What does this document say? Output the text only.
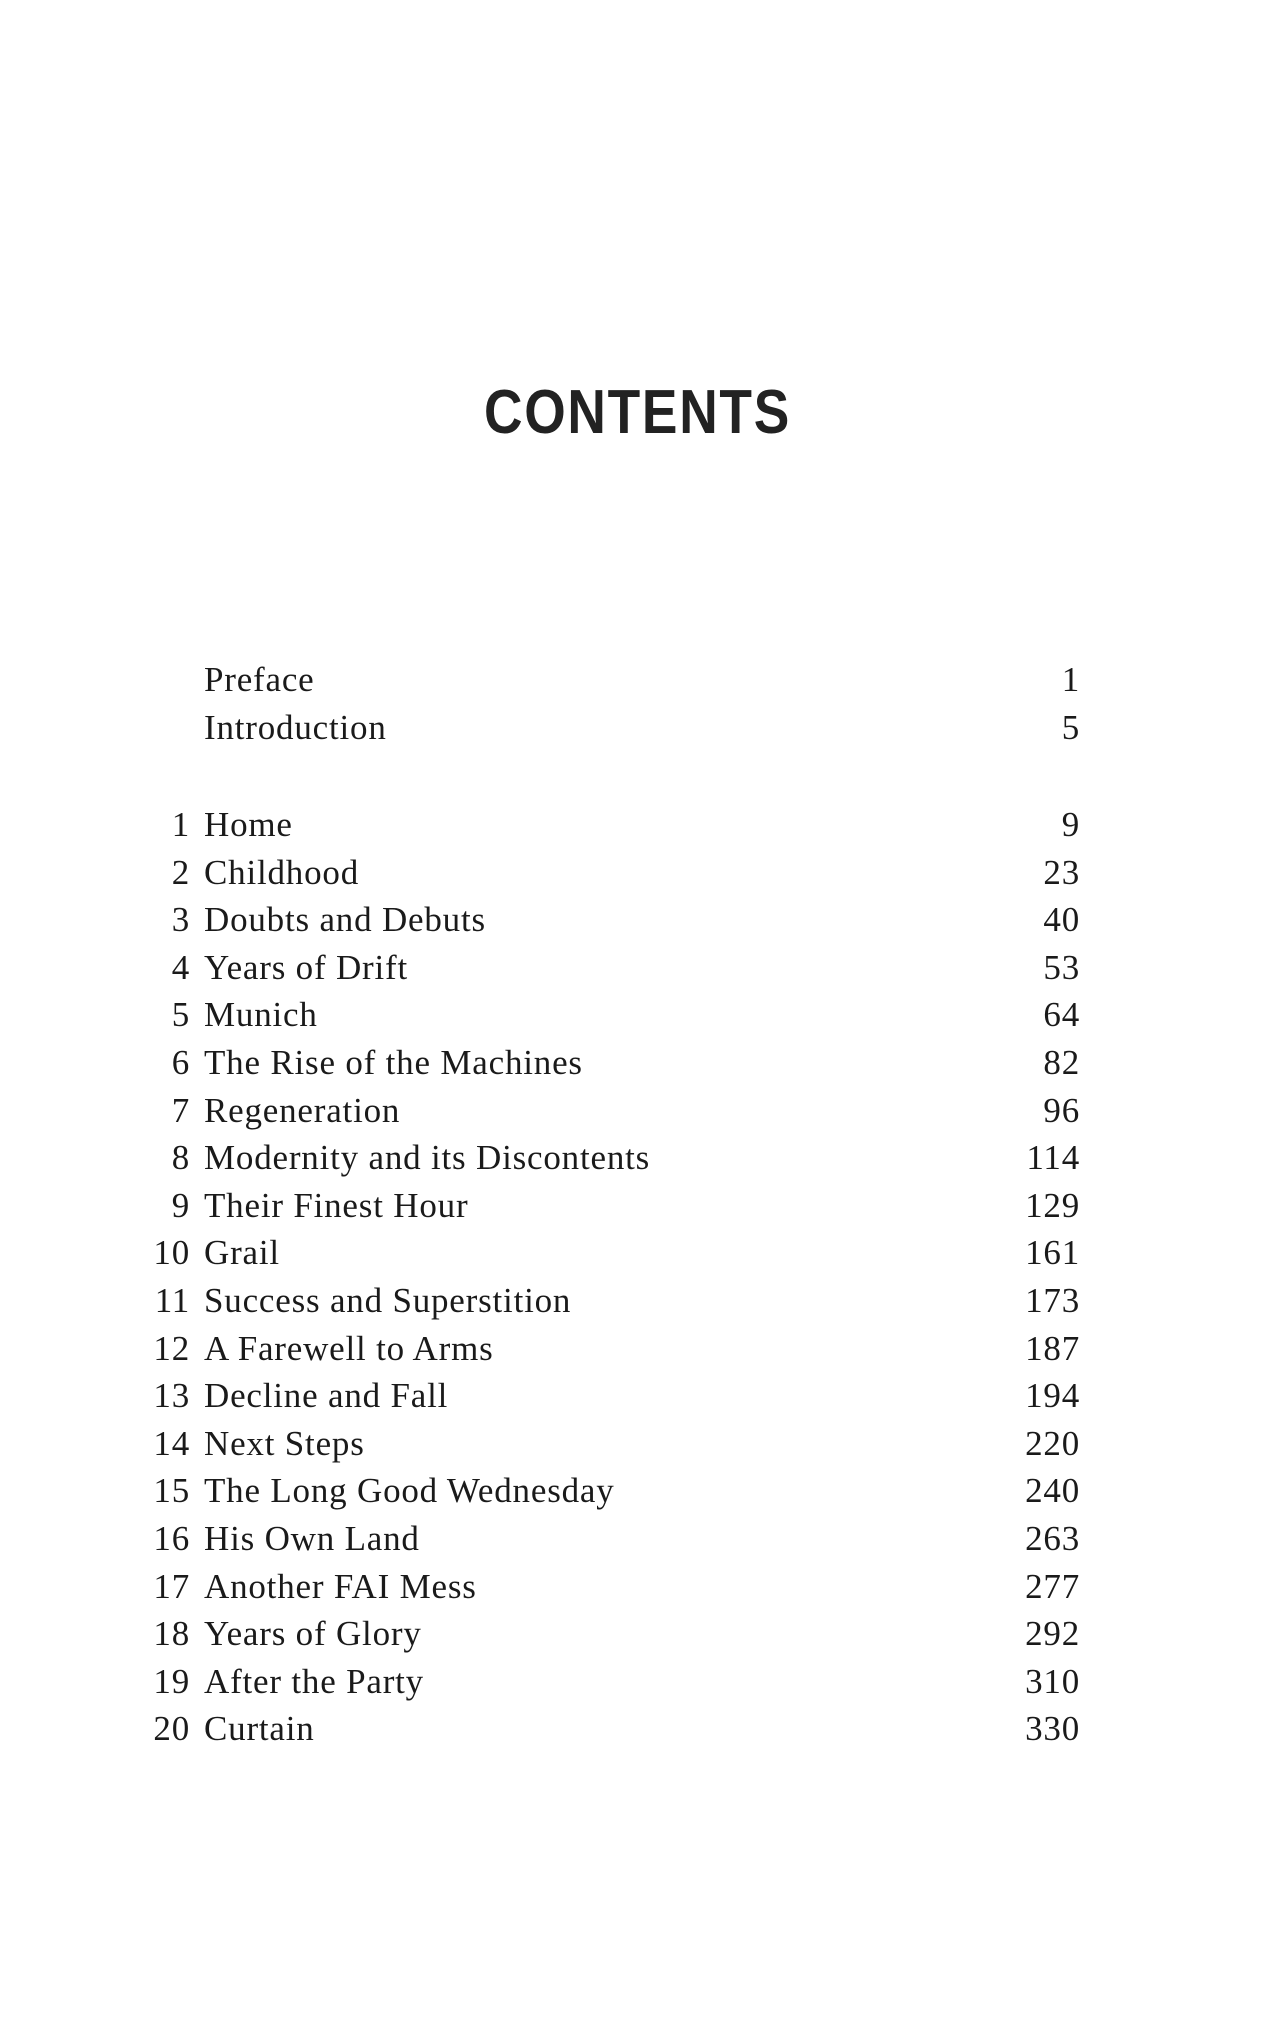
CONTENTS
Preface	1
Introduction	5
1 Home	9
2 Childhood	23
3 Doubts and Debuts	40
4 Years of Drift	53
5 Munich	64
6 The Rise of the Machines	82
7 Regeneration	96
8 Modernity and its Discontents	114
9 Their Finest Hour	129
10 Grail	161
11 Success and Superstition	173
12 A Farewell to Arms	187
13 Decline and Fall	194
14 Next Steps	220
15 The Long Good Wednesday	240
16 His Own Land	263
17 Another FAI Mess	277
18 Years of Glory	292
19 After the Party	310
20 Curtain	330
